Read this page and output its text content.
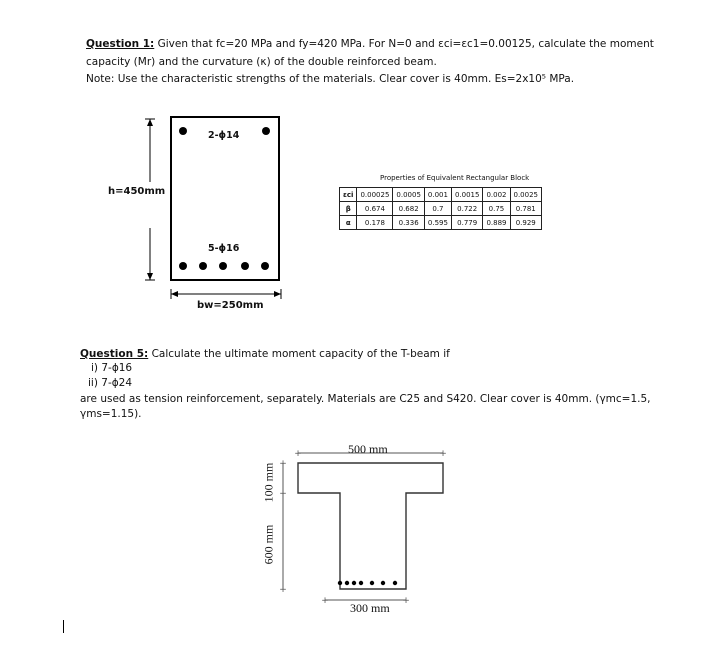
Question 1: Given that fc=20 MPa and fy=420 MPa. For N=0 and εci=εc1=0.00125, calculate the moment
capacity (Mr) and the curvature (κ) of the double reinforced beam.
Note: Use the characteristic strengths of the materials. Clear cover is 40mm. Es=2x10⁵ MPa.
2-ϕ14
5-ϕ16
h=450mm
bw=250mm
Properties of Equivalent Rectangular Block
εci	0.00025	0.0005	0.001	0.0015	0.002	0.0025
β	0.674	0.682	0.7	0.722	0.75	0.781
α	0.178	0.336	0.595	0.779	0.889	0.929
Question 5: Calculate the ultimate moment capacity of the T-beam if
i) 7-ϕ16
ii) 7-ϕ24
are used as tension reinforcement, separately. Materials are C25 and S420. Clear cover is 40mm. (γmc=1.5,
γms=1.15).
+	+
+
+
+
+	+
500 mm
300 mm
100 mm
600 mm
